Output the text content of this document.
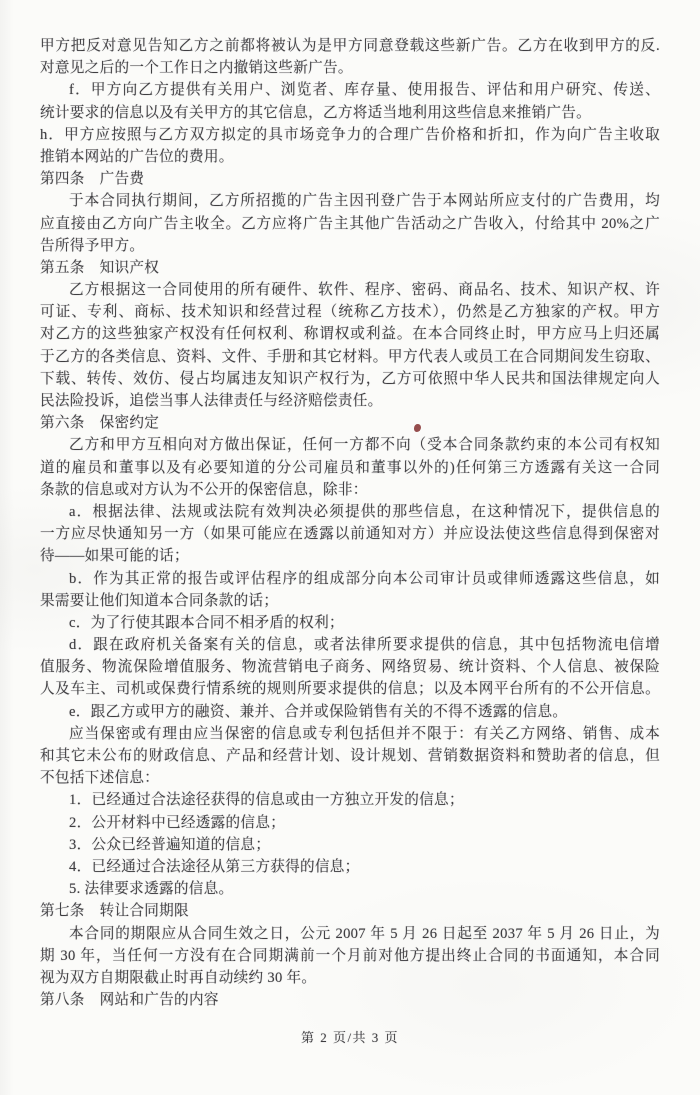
甲方把反对意见告知乙方之前都将被认为是甲方同意登载这些新广告。乙方在收到甲方的反.
对意见之后的一个工作日之内撤销这些新广告。
f．甲方向乙方提供有关用户、浏览者、库存量、使用报告、评估和用户研究、传送、
统计要求的信息以及有关甲方的其它信息，乙方将适当地利用这些信息来推销广告。
h．甲方应按照与乙方双方拟定的具市场竞争力的合理广告价格和折扣，作为向广告主收取
推销本网站的广告位的费用。
第四条　广告费
于本合同执行期间，乙方所招揽的广告主因刊登广告于本网站所应支付的广告费用，均
应直接由乙方向广告主收全。乙方应将广告主其他广告活动之广告收入，付给其中 20%之广
告所得予甲方。
第五条　知识产权
乙方根据这一合同使用的所有硬件、软件、程序、密码、商品名、技术、知识产权、许
可证、专利、商标、技术知识和经营过程（统称乙方技术），仍然是乙方独家的产权。甲方
对乙方的这些独家产权没有任何权利、称谓权或利益。在本合同终止时，甲方应马上归还属
于乙方的各类信息、资料、文件、手册和其它材料。甲方代表人或员工在合同期间发生窃取、
下载、转传、效仿、侵占均属违友知识产权行为，乙方可依照中华人民共和国法律规定向人
民法险投诉，追偿当事人法律责任与经济赔偿责任。
第六条　保密约定
乙方和甲方互相向对方做出保证，任何一方都不向（受本合同条款约束的本公司有权知
道的雇员和董事以及有必要知道的分公司雇员和董事以外的)任何第三方透露有关这一合同
条款的信息或对方认为不公开的保密信息，除非：
a．根据法律、法规或法院有效判决必须提供的那些信息，在这种情况下，提供信息的
一方应尽快通知另一方（如果可能应在透露以前通知对方）并应设法使这些信息得到保密对
待——如果可能的话；
b．作为其正常的报告或评估程序的组成部分向本公司审计员或律师透露这些信息，如
果需要让他们知道本合同条款的话；
c．为了行使其跟本合同不相矛盾的权利；
d．跟在政府机关备案有关的信息，或者法律所要求提供的信息，其中包括物流电信增
值服务、物流保险增值服务、物流营销电子商务、网络贸易、统计资料、个人信息、被保险
人及车主、司机或保费行情系统的规则所要求提供的信息；以及本网平台所有的不公开信息。
e．跟乙方或甲方的融资、兼并、合并或保险销售有关的不得不透露的信息。
应当保密或有理由应当保密的信息或专利包括但并不限于：有关乙方网络、销售、成本
和其它未公布的财政信息、产品和经营计划、设计规划、营销数据资料和赞助者的信息，但
不包括下述信息：
1．已经通过合法途径获得的信息或由一方独立开发的信息；
2．公开材料中已经透露的信息；
3．公众已经普遍知道的信息；
4．已经通过合法途径从第三方获得的信息；
5. 法律要求透露的信息。
第七条　转让合同期限
本合同的期限应从合同生效之日，公元 2007 年 5 月 26 日起至 2037 年 5 月 26 日止，为
期 30 年，当任何一方没有在合同期满前一个月前对他方提出终止合同的书面通知，本合同
视为双方自期限截止时再自动续约 30 年。
第八条　网站和广告的内容
第 2 页/共 3 页
